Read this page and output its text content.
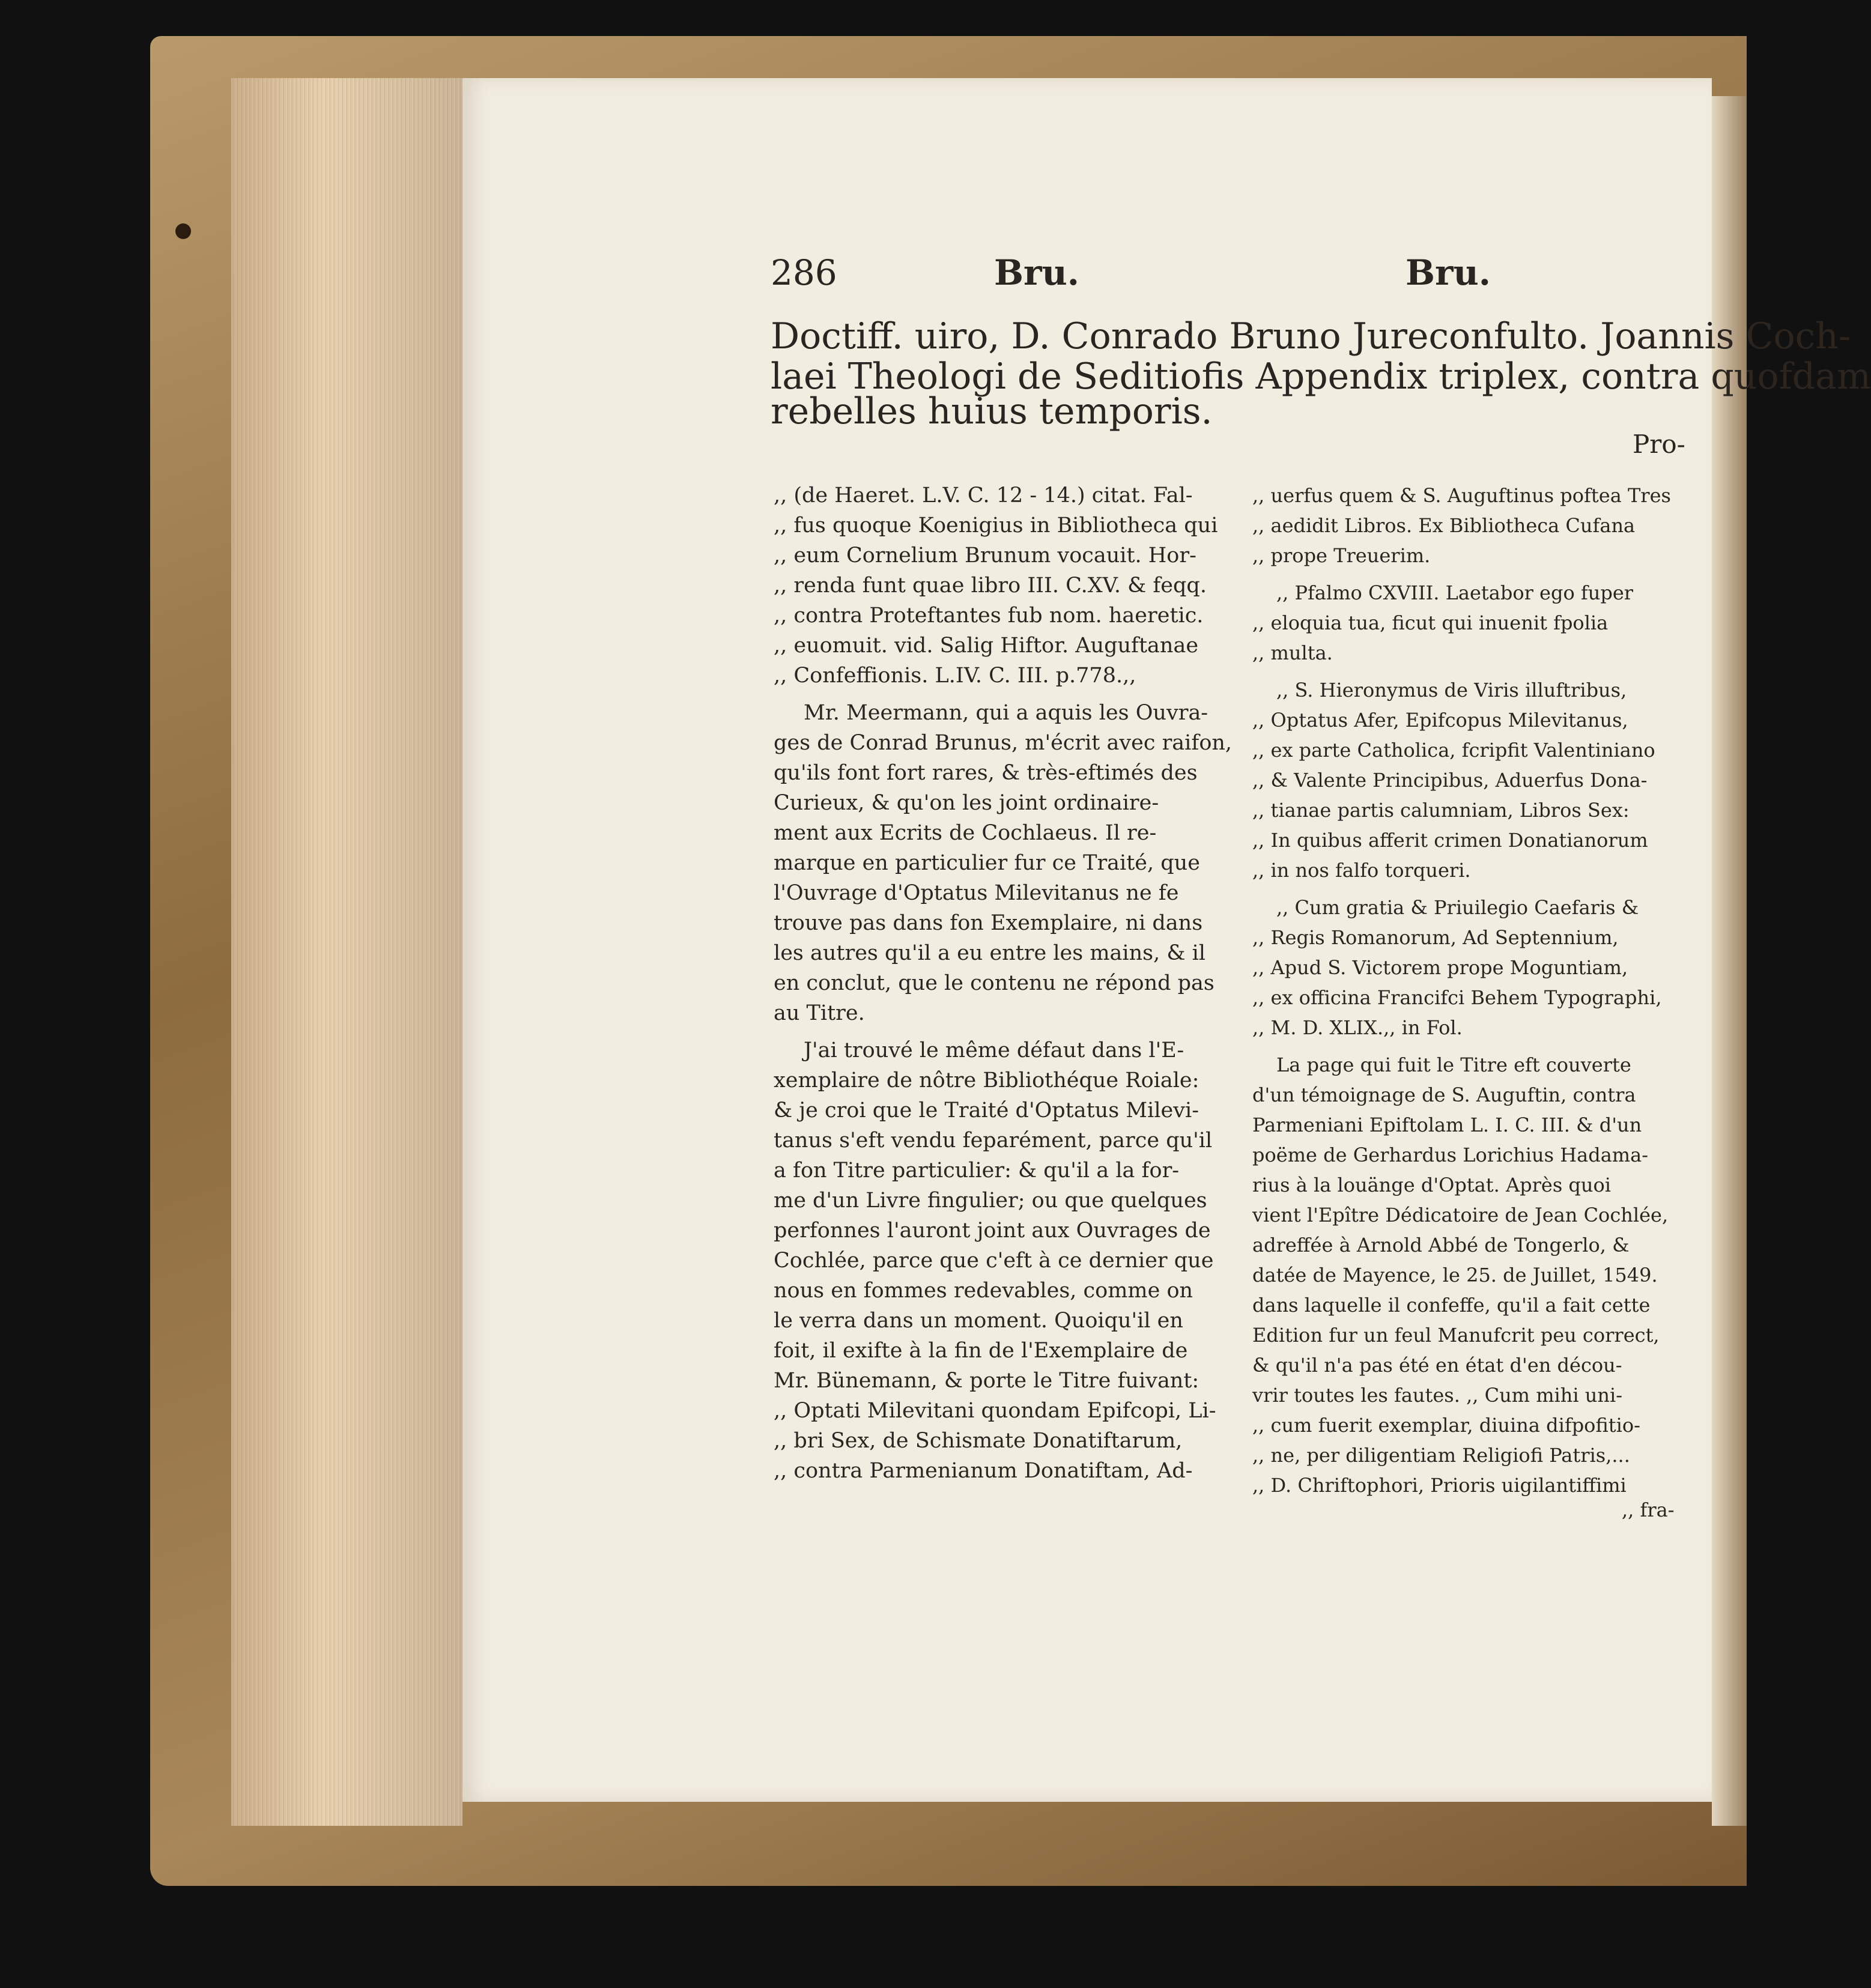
286	Bru.	Bru.
Doctiff. uiro, D. Conrado Bruno Jureconfulto. Joannis Coch-
laei Theologi de Seditiofis Appendix triplex, contra quofdam
rebelles huius temporis.
Pro-
,, (de Haeret. L.V. C. 12 - 14.) citat. Fal-
,, fus quoque Koenigius in Bibliotheca qui
,, eum Cornelium Brunum vocauit. Hor-
,, renda funt quae libro III. C.XV. & feqq.
,, contra Proteftantes fub nom. haeretic.
,, euomuit. vid. Salig Hiftor. Auguftanae
,, Confeffionis. L.IV. C. III. p.778.,,
Mr. Meermann, qui a aquis les Ouvra-
ges de Conrad Brunus, m'écrit avec raifon,
qu'ils font fort rares, & très-eftimés des
Curieux, & qu'on les joint ordinaire-
ment aux Ecrits de Cochlaeus. Il re-
marque en particulier fur ce Traité, que
l'Ouvrage d'Optatus Milevitanus ne fe
trouve pas dans fon Exemplaire, ni dans
les autres qu'il a eu entre les mains, & il
en conclut, que le contenu ne répond pas
au Titre.
J'ai trouvé le même défaut dans l'E-
xemplaire de nôtre Bibliothéque Roiale:
& je croi que le Traité d'Optatus Milevi-
tanus s'eft vendu feparément, parce qu'il
a fon Titre particulier: & qu'il a la for-
me d'un Livre fingulier; ou que quelques
perfonnes l'auront joint aux Ouvrages de
Cochlée, parce que c'eft à ce dernier que
nous en fommes redevables, comme on
le verra dans un moment. Quoiqu'il en
foit, il exifte à la fin de l'Exemplaire de
Mr. Bünemann, & porte le Titre fuivant:
,, Optati Milevitani quondam Epifcopi, Li-
,, bri Sex, de Schismate Donatiftarum,
,, contra Parmenianum Donatiftam, Ad-
,, uerfus quem & S. Auguftinus poftea Tres
,, aedidit Libros. Ex Bibliotheca Cufana
,, prope Treuerim.
,, Pfalmo CXVIII. Laetabor ego fuper
,, eloquia tua, ficut qui inuenit fpolia
,, multa.
,, S. Hieronymus de Viris illuftribus,
,, Optatus Afer, Epifcopus Milevitanus,
,, ex parte Catholica, fcripfit Valentiniano
,, & Valente Principibus, Aduerfus Dona-
,, tianae partis calumniam, Libros Sex:
,, In quibus afferit crimen Donatianorum
,, in nos falfo torqueri.
,, Cum gratia & Priuilegio Caefaris &
,, Regis Romanorum, Ad Septennium,
,, Apud S. Victorem prope Moguntiam,
,, ex officina Francifci Behem Typographi,
,, M. D. XLIX.,, in Fol.
La page qui fuit le Titre eft couverte
d'un témoignage de S. Auguftin, contra
Parmeniani Epiftolam L. I. C. III. & d'un
poëme de Gerhardus Lorichius Hadama-
rius à la louänge d'Optat. Après quoi
vient l'Epître Dédicatoire de Jean Cochlée,
adreffée à Arnold Abbé de Tongerlo, &
datée de Mayence, le 25. de Juillet, 1549.
dans laquelle il confeffe, qu'il a fait cette
Edition fur un feul Manufcrit peu correct,
& qu'il n'a pas été en état d'en décou-
vrir toutes les fautes. ,, Cum mihi uni-
,, cum fuerit exemplar, diuina difpofitio-
,, ne, per diligentiam Religiofi Patris,...
,, D. Chriftophori, Prioris uigilantiffimi
,, fra-
